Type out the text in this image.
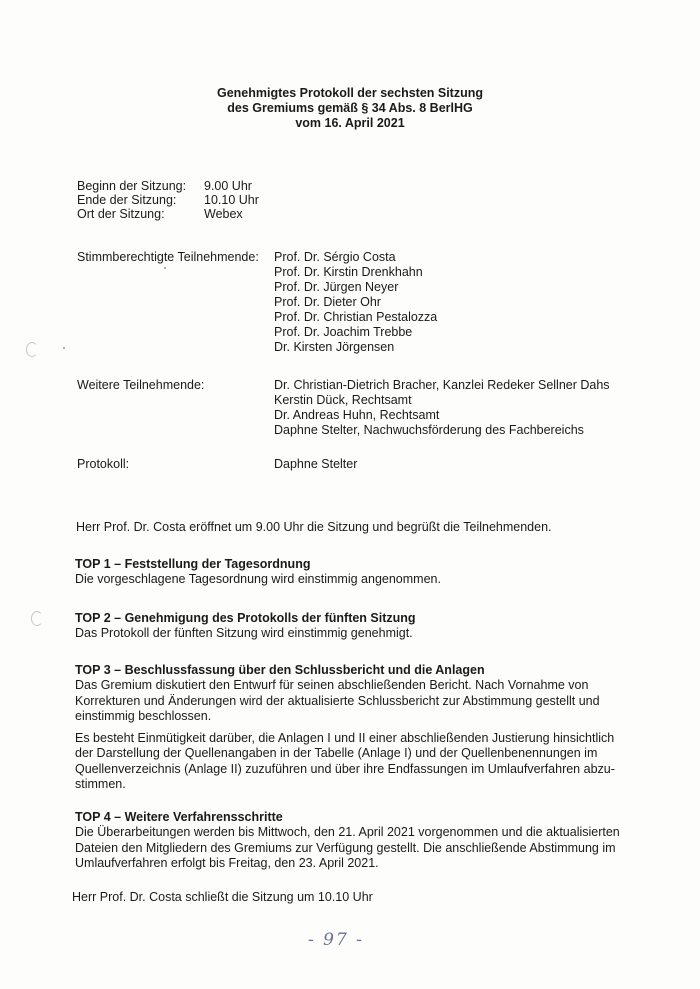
Genehmigtes Protokoll der sechsten Sitzung
des Gremiums gemäß § 34 Abs. 8 BerlHG
vom 16. April 2021
Beginn der Sitzung:	9.00 Uhr
Ende der Sitzung:	10.10 Uhr
Ort der Sitzung:	Webex
Stimmberechtigte Teilnehmende: Prof. Dr. Sérgio Costa
Prof. Dr. Kirstin Drenkhahn
Prof. Dr. Jürgen Neyer
Prof. Dr. Dieter Ohr
Prof. Dr. Christian Pestalozza
Prof. Dr. Joachim Trebbe
Dr. Kirsten Jörgensen
Weitere Teilnehmende:	Dr. Christian-Dietrich Bracher, Kanzlei Redeker Sellner Dahs
Kerstin Dück, Rechtsamt
Dr. Andreas Huhn, Rechtsamt
Daphne Stelter, Nachwuchsförderung des Fachbereichs
Protokoll:	Daphne Stelter
Herr Prof. Dr. Costa eröffnet um 9.00 Uhr die Sitzung und begrüßt die Teilnehmenden.
TOP 1 – Feststellung der Tagesordnung
Die vorgeschlagene Tagesordnung wird einstimmig angenommen.
TOP 2 – Genehmigung des Protokolls der fünften Sitzung
Das Protokoll der fünften Sitzung wird einstimmig genehmigt.
TOP 3 – Beschlussfassung über den Schlussbericht und die Anlagen
Das Gremium diskutiert den Entwurf für seinen abschließenden Bericht. Nach Vornahme von
Korrekturen und Änderungen wird der aktualisierte Schlussbericht zur Abstimmung gestellt und
einstimmig beschlossen.
Es besteht Einmütigkeit darüber, die Anlagen I und II einer abschließenden Justierung hinsichtlich
der Darstellung der Quellenangaben in der Tabelle (Anlage I) und der Quellenbenennungen im
Quellenverzeichnis (Anlage II) zuzuführen und über ihre Endfassungen im Umlaufverfahren abzu-
stimmen.
TOP 4 – Weitere Verfahrensschritte
Die Überarbeitungen werden bis Mittwoch, den 21. April 2021 vorgenommen und die aktualisierten
Dateien den Mitgliedern des Gremiums zur Verfügung gestellt. Die anschließende Abstimmung im
Umlaufverfahren erfolgt bis Freitag, den 23. April 2021.
Herr Prof. Dr. Costa schließt die Sitzung um 10.10 Uhr
- 97 -
